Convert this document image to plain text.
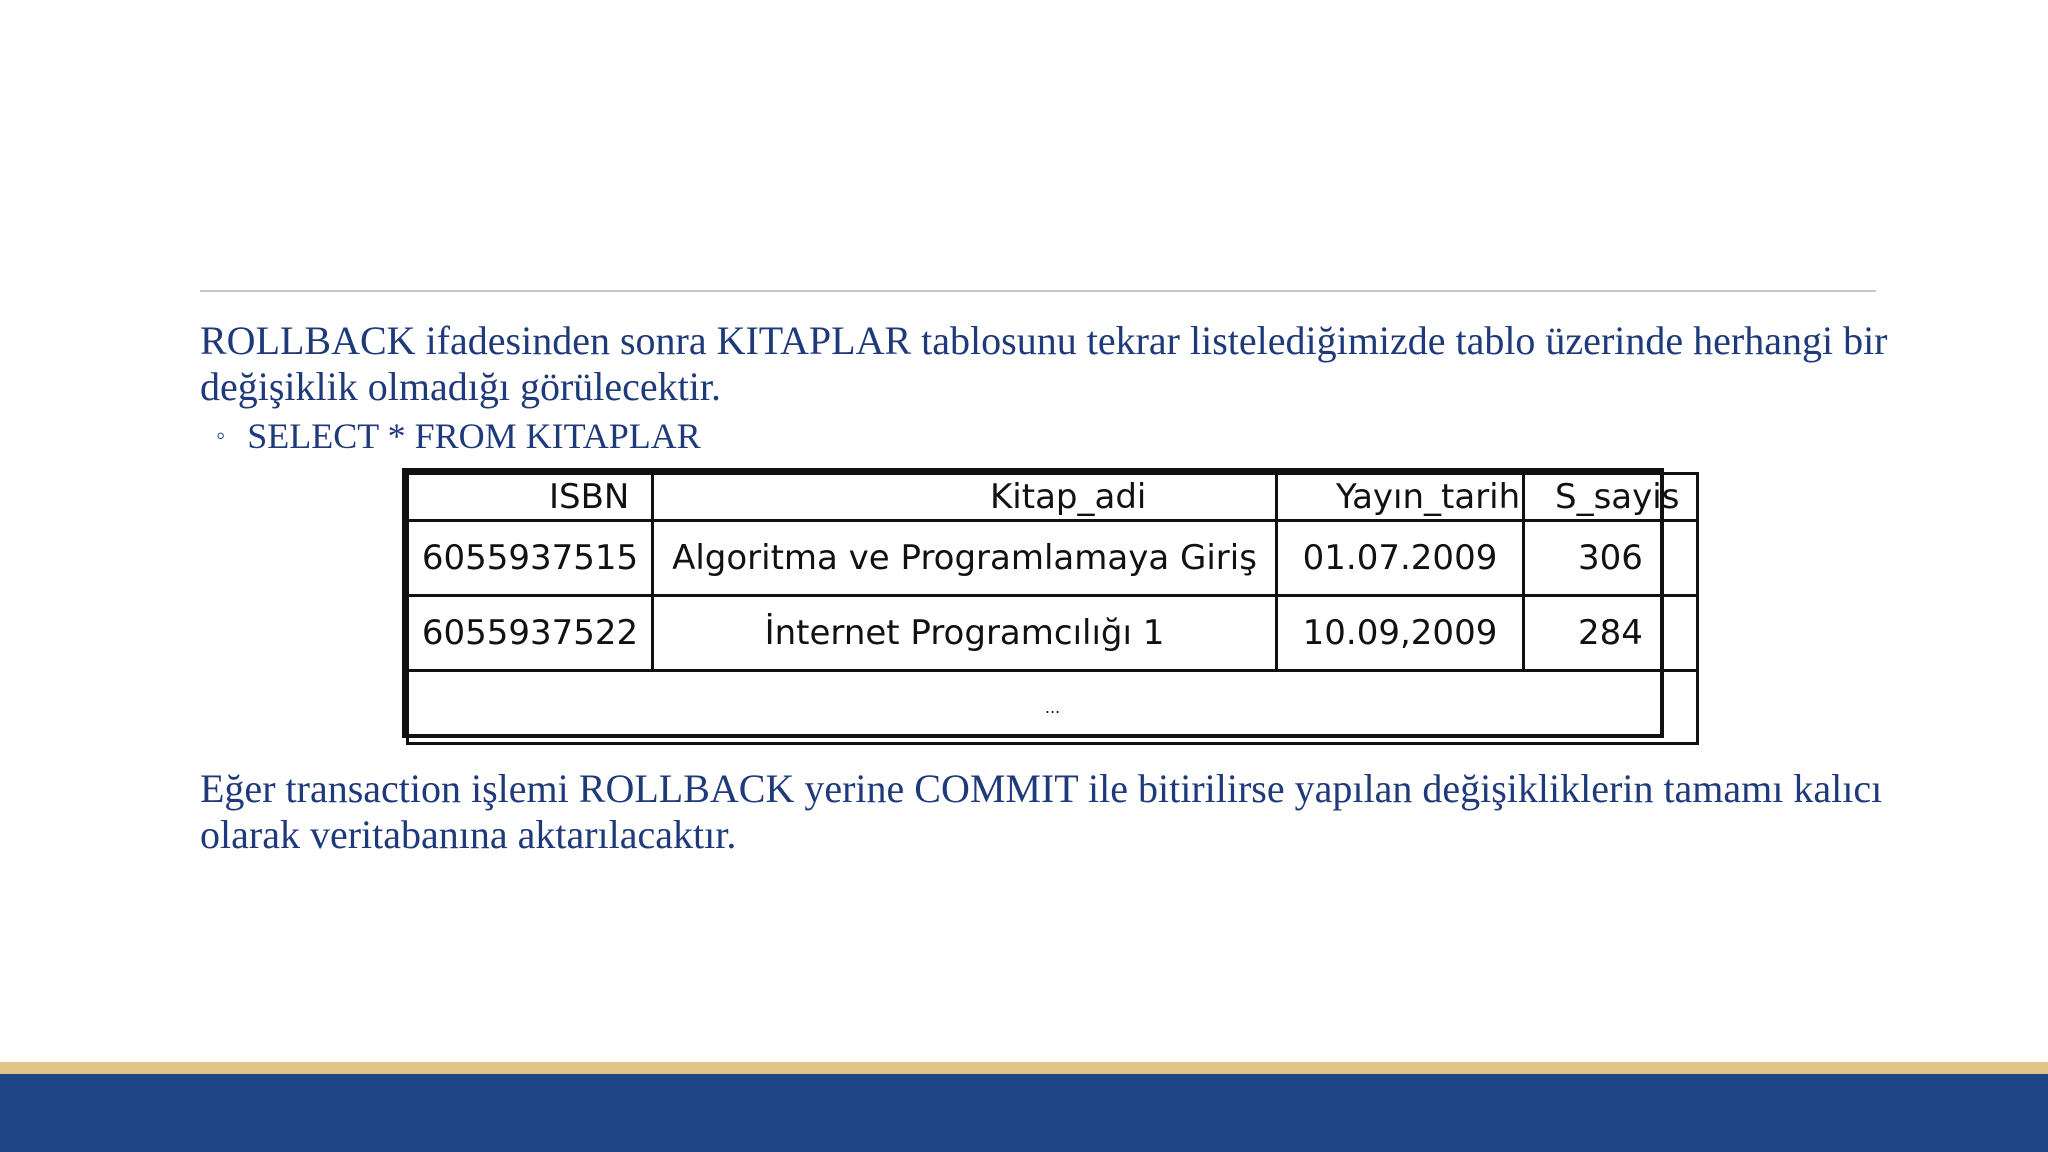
ROLLBACK ifadesinden sonra KITAPLAR tablosunu tekrar listelediğimizde tablo üzerinde herhangi bir değişiklik olmadığı görülecektir.

◦ SELECT * FROM KITAPLAR
ISBN	Kitap_adi	Yayın_tarih	S_sayis
6055937515	Algoritma ve Programlamaya Giriş	01.07.2009	306
6055937522	İnternet Programcılığı 1	10.09,2009	284
...			

Eğer transaction işlemi ROLLBACK yerine COMMIT ile bitirilirse yapılan değişikliklerin tamamı kalıcı olarak veritabanına aktarılacaktır.
